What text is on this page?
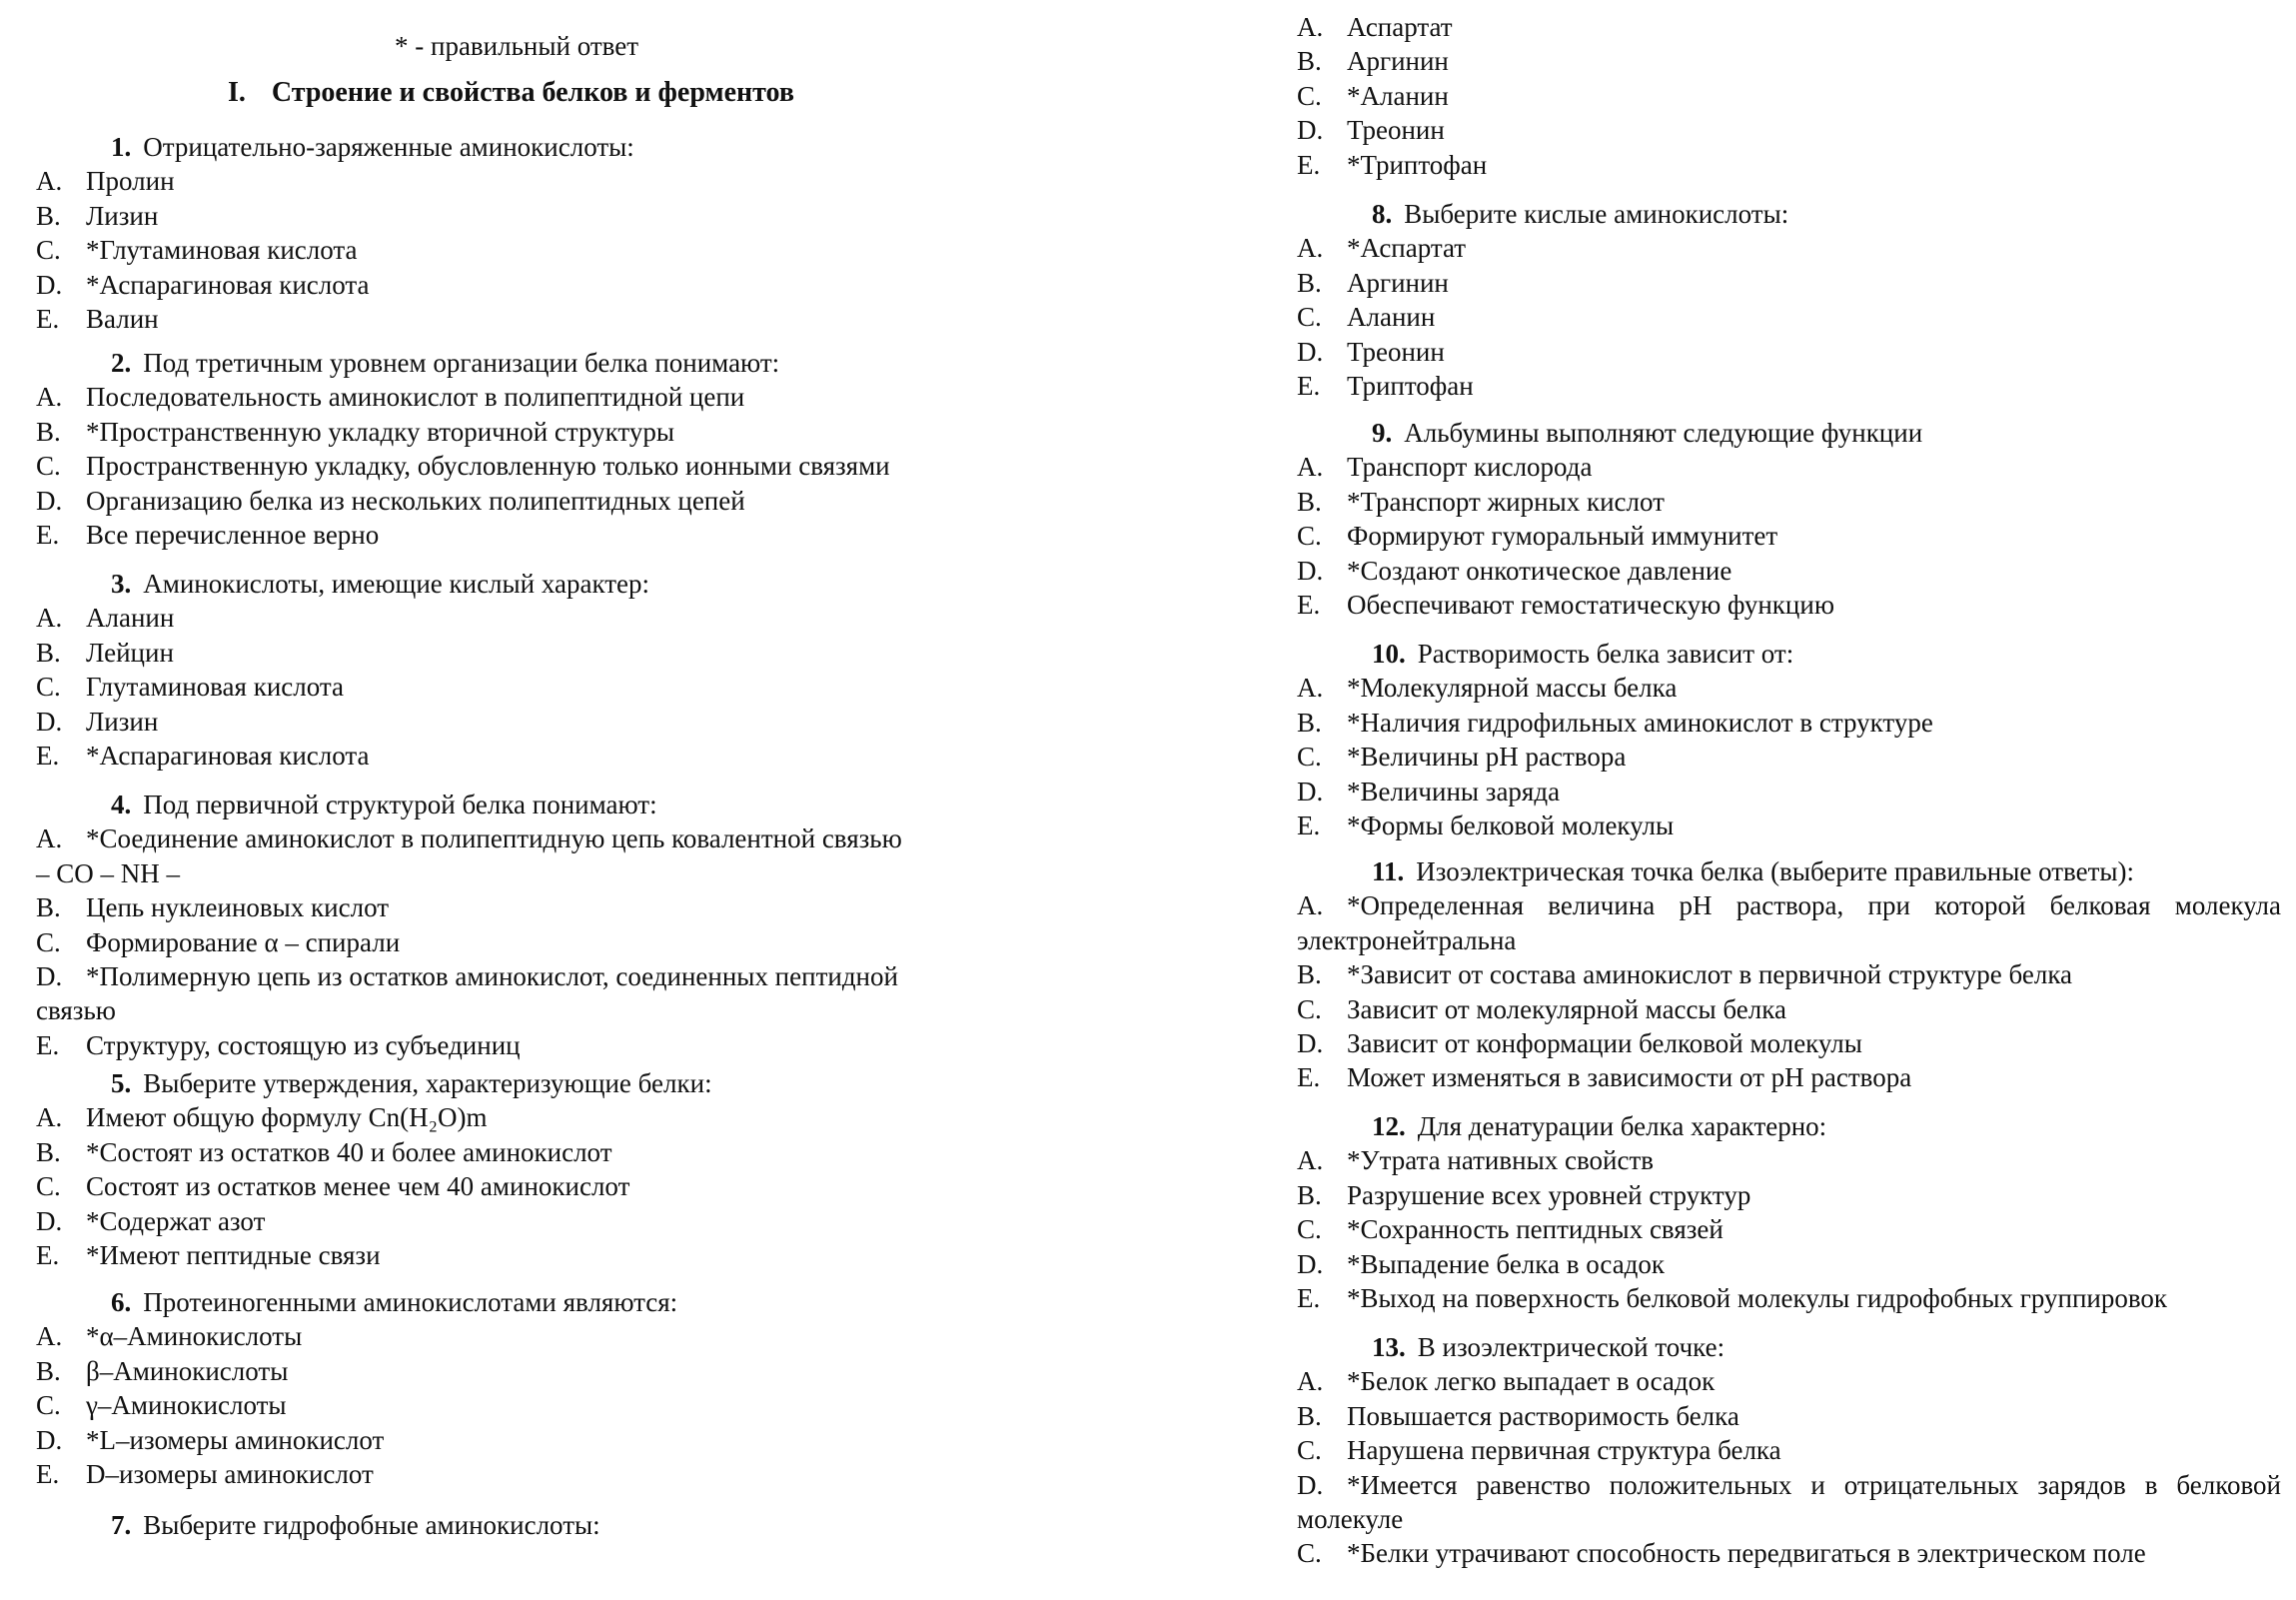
* - правильный ответ
I. Строение и свойства белков и ферментов
1. Отрицательно-заряженные аминокислоты:
A. Пролин
B. Лизин
C. *Глутаминовая кислота
D. *Аспарагиновая кислота
E. Валин
2. Под третичным уровнем организации белка понимают:
A. Последовательность аминокислот в полипептидной цепи
B. *Пространственную укладку вторичной структуры
C. Пространственную укладку, обусловленную только ионными связями
D. Организацию белка из нескольких полипептидных цепей
E. Все перечисленное верно
3. Аминокислоты, имеющие кислый характер:
A. Аланин
B. Лейцин
C. Глутаминовая кислота
D. Лизин
E. *Аспарагиновая кислота
4. Под первичной структурой белка понимают:
A. *Соединение аминокислот в полипептидную цепь ковалентной связью
– CO – NH –
B. Цепь нуклеиновых кислот
C. Формирование α – спирали
D. *Полимерную цепь из остатков аминокислот, соединенных пептидной
связью
E. Структуру, состоящую из субъединиц
5. Выберите утверждения, характеризующие белки:
A. Имеют общую формулу Cn(H₂O)m
B. *Состоят из остатков 40 и более аминокислот
C. Состоят из остатков менее чем 40 аминокислот
D. *Содержат азот
E. *Имеют пептидные связи
6. Протеиногенными аминокислотами являются:
A. *α–Аминокислоты
B. β–Аминокислоты
C. γ–Аминокислоты
D. *L–изомеры аминокислот
E. D–изомеры аминокислот
7. Выберите гидрофобные аминокислоты:
A. Аспартат
B. Аргинин
C. *Аланин
D. Треонин
E. *Триптофан
8. Выберите кислые аминокислоты:
A. *Аспартат
B. Аргинин
C. Аланин
D. Треонин
E. Триптофан
9. Альбумины выполняют следующие функции
A. Транспорт кислорода
B. *Транспорт жирных кислот
C. Формируют гуморальный иммунитет
D. *Создают онкотическое давление
E. Обеспечивают гемостатическую функцию
10. Растворимость белка зависит от:
A. *Молекулярной массы белка
B. *Наличия гидрофильных аминокислот в структуре
C. *Величины pH раствора
D. *Величины заряда
E. *Формы белковой молекулы
11. Изоэлектрическая точка белка (выберите правильные ответы):
A. *Определенная величина pH раствора, при которой белковая молекула электронейтральна
B. *Зависит от состава аминокислот в первичной структуре белка
C. Зависит от молекулярной массы белка
D. Зависит от конформации белковой молекулы
E. Может изменяться в зависимости от pH раствора
12. Для денатурации белка характерно:
A. *Утрата нативных свойств
B. Разрушение всех уровней структур
C. *Сохранность пептидных связей
D. *Выпадение белка в осадок
E. *Выход на поверхность белковой молекулы гидрофобных группировок
13. В изоэлектрической точке:
A. *Белок легко выпадает в осадок
B. Повышается растворимость белка
C. Нарушена первичная структура белка
D. *Имеется равенство положительных и отрицательных зарядов в белковой молекуле
C. *Белки утрачивают способность передвигаться в электрическом поле
